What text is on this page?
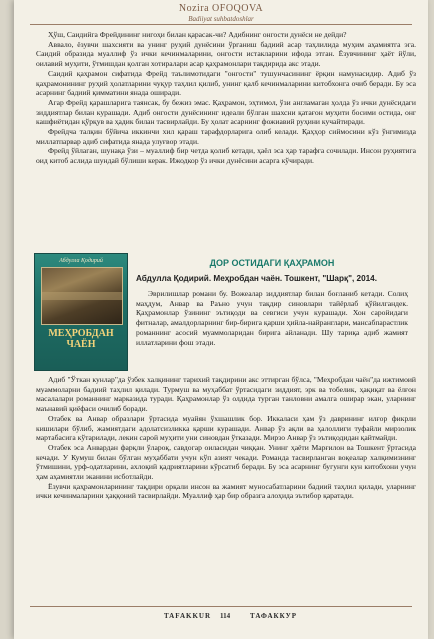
Nozira OFOQOVA
Badiiyat suhbatdoshlar

Ҳўш, Саидийга Фрейдининг нигоҳи билан қарасак-чи? Адибнинг онгости дунёси не дейди?

Аввало, ёзувчи шахсияти ва унинг руҳий дунёсини ўрганиш бадиий асар таҳлилида муҳим аҳамиятга эга. Саидий образида муаллиф ўз ички кечинмаларини, онгости истакларини ифода этган. Ёзувчининг ҳаёт йўли, оилавий муҳити, ўтмишдан қолган хотиралари асар қаҳрамонлари тақдирида акс этади.

Саидий қаҳрамон сифатида Фрейд таълимотидаги "онгости" тушунчасининг ёрқин намунасидир. Адиб ўз қаҳрамонининг руҳий ҳолатларини чуқур таҳлил қилиб, унинг қалб кечинмаларини китобхонга очиб беради. Бу эса асарнинг бадиий қимматини янада оширади.

Агар Фрейд қарашларига таянсак, бу бежиз эмас. Қаҳрамон, эҳтимол, ўзи англамаган ҳолда ўз ички дунёсидаги зиддиятлар билан курашади. Адиб онгости дунёсининг идеали бўлган шахсни қатағон муҳити босими остида, онг кашфиётидан қўрқув ва ҳадик билан тасвирлайди. Бу ҳолат асарнинг фожиавий руҳини кучайтиради.

Фрейдча талқин бўйича иккинчи хил қараш тарафдорларига олиб келади. Қаҳҳор сиймосини кўз ўнгимизда миллатпарвар адиб сифатида янада улуғвор этади.

Фрейд ўйлаган, шунақа ўзи – муаллиф бир четда қолиб кетади, ҳаёл эса ҳар тарафга сочилади. Инсон руҳиятига оид китоб аслида шундай бўлиши керак. Ижодкор ўз ички дунёсини асарга кўчиради.

Абдулла Қодирий
МЕҲРОБДАН
ЧАЁН
ДОР ОСТИДАГИ ҚАҲРАМОН
Абдулла Қодирий. Меҳробдан чаён. Тошкент, "Шарқ", 2014.

Эврилишлар романи бу. Вожеалар зиддиятлар билан боғланиб кетади. Солиҳ маҳдум, Анвар ва Раъно учун тақдир синовлари тайёрлаб қўйилгандек. Қаҳрамонлар ўзининг эътиқоди ва севгиси учун курашади. Хон саройидаги фитналар, амалдорларнинг бир-бирига қарши ҳийла-найранглари, мансабпарастлик романнинг асосий муаммоларидан бирига айланади. Шу тариқа адиб жамият иллатларини фош этади.

Адиб "Ўткан кунлар"да ўзбек халқининг тарихий тақдирини акс эттирган бўлса, "Меҳробдан чаён"да ижтимоий муаммоларни бадиий таҳлил қилади. Турмуш ва муҳаббат ўртасидаги зиддият, эрк ва тобелик, ҳақиқат ва ёлғон масалалари романнинг марказида туради. Қаҳрамонлар ўз олдида турган танловни амалга оширар экан, уларнинг маънавий қиёфаси очилиб боради.

Отабек ва Анвар образлари ўртасида муайян ўхшашлик бор. Иккаласи ҳам ўз даврининг илғор фикрли кишилари бўлиб, жамиятдаги адолатсизликка қарши курашади. Анвар ўз ақли ва ҳалоллиги туфайли мирзолик мартабасига кўтарилади, лекин сарой муҳити уни синовдан ўтказади. Мирзо Анвар ўз эътиқодидан қайтмайди.

Отабек эса Анвардан фарқли ўлароқ, савдогар оиласидан чиққан. Унинг ҳаёти Марғилон ва Тошкент ўртасида кечади. У Кумуш билан бўлган муҳаббати учун кўп азият чекади. Романда тасвирланган воқеалар халқимизнинг ўтмишини, урф-одатларини, ахлоқий қадриятларини кўрсатиб беради. Бу эса асарнинг бугунги кун китобхони учун ҳам аҳамиятли эканини исботлайди.

Ёзувчи қаҳрамонларининг тақдири орқали инсон ва жамият муносабатларини бадиий таҳлил қилади, уларнинг ички кечинмаларини ҳаққоний тасвирлайди. Муаллиф ҳар бир образга алоҳида эътибор қаратади.

TAFAKKUR 114	ТАФАККУР
